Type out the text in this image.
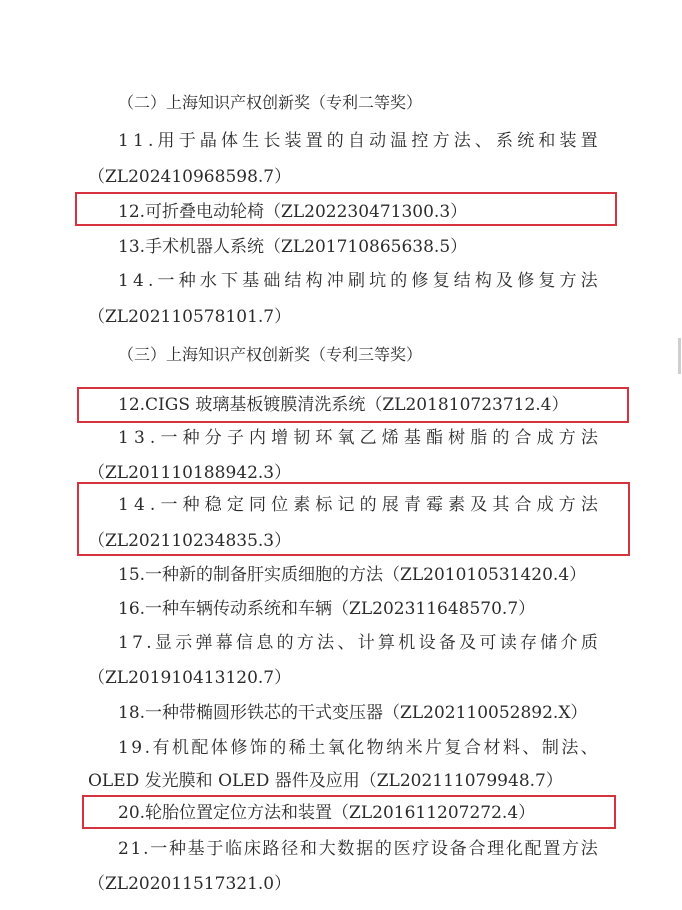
（二）上海知识产权创新奖（专利二等奖）
1 1 . 用 于 晶 体 生 长 装 置 的 自 动 温 控 方 法 、 系 统 和 装 置
（ZL202410968598.7）
12.可折叠电动轮椅（ZL202230471300.3）
13.手术机器人系统（ZL201710865638.5）
1 4 . 一 种 水 下 基 础 结 构 冲 刷 坑 的 修 复 结 构 及 修 复 方 法
（ZL202110578101.7）
（三）上海知识产权创新奖（专利三等奖）
12.CIGS 玻璃基板镀膜清洗系统（ZL201810723712.4）
1 3 . 一 种 分 子 内 增 韧 环 氧 乙 烯 基 酯 树 脂 的 合 成 方 法
（ZL201110188942.3）
1 4 . 一 种 稳 定 同 位 素 标 记 的 展 青 霉 素 及 其 合 成 方 法
（ZL202110234835.3）
15.一种新的制备肝实质细胞的方法（ZL201010531420.4）
16.一种车辆传动系统和车辆（ZL202311648570.7）
1 7 . 显 示 弹 幕 信 息 的 方 法 、 计 算 机 设 备 及 可 读 存 储 介 质
（ZL201910413120.7）
18.一种带椭圆形铁芯的干式变压器（ZL202110052892.X）
1 9 . 有 机 配 体 修 饰 的 稀 土 氧 化 物 纳 米 片 复 合 材 料 、 制 法 、
OLED 发光膜和 OLED 器件及应用（ZL202111079948.7）
20.轮胎位置定位方法和装置（ZL201611207272.4）
2 1 . 一 种 基 于 临 床 路 径 和 大 数 据 的 医 疗 设 备 合 理 化 配 置 方 法
（ZL202011517321.0）
